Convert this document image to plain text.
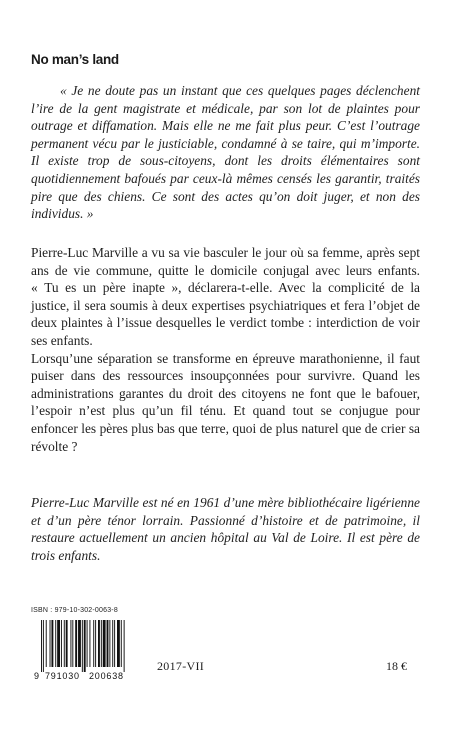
No man’s land

« Je ne doute pas un instant que ces quelques pages déclenchent l’ire de la gent magistrate et médicale, par son lot de plaintes pour outrage et diffamation. Mais elle ne me fait plus peur. C’est l’outrage permanent vécu par le justiciable, condamné à se taire, qui m’importe. Il existe trop de sous-citoyens, dont les droits élémentaires sont quotidiennement bafoués par ceux-là mêmes censés les garantir, traités pire que des chiens. Ce sont des actes qu’on doit juger, et non des individus. »

Pierre-Luc Marville a vu sa vie basculer le jour où sa femme, après sept ans de vie commune, quitte le domicile conjugal avec leurs enfants. « Tu es un père inapte », déclarera-t-elle. Avec la complicité de la justice, il sera soumis à deux expertises psychiatriques et fera l’objet de deux plaintes à l’issue desquelles le verdict tombe : interdiction de voir ses enfants.

Lorsqu’une séparation se transforme en épreuve marathonienne, il faut puiser dans des ressources insoupçonnées pour survivre. Quand les administrations garantes du droit des citoyens ne font que le bafouer, l’espoir n’est plus qu’un fil ténu. Et quand tout se conjugue pour enfoncer les pères plus bas que terre, quoi de plus naturel que de crier sa révolte ?

Pierre-Luc Marville est né en 1961 d’une mère bibliothécaire ligérienne et d’un père ténor lorrain. Passionné d’histoire et de patrimoine, il restaure actuellement un ancien hôpital au Val de Loire. Il est père de trois enfants.

ISBN : 979-10-302-0063-8
9 791030 200638
2017-VII	18 €
